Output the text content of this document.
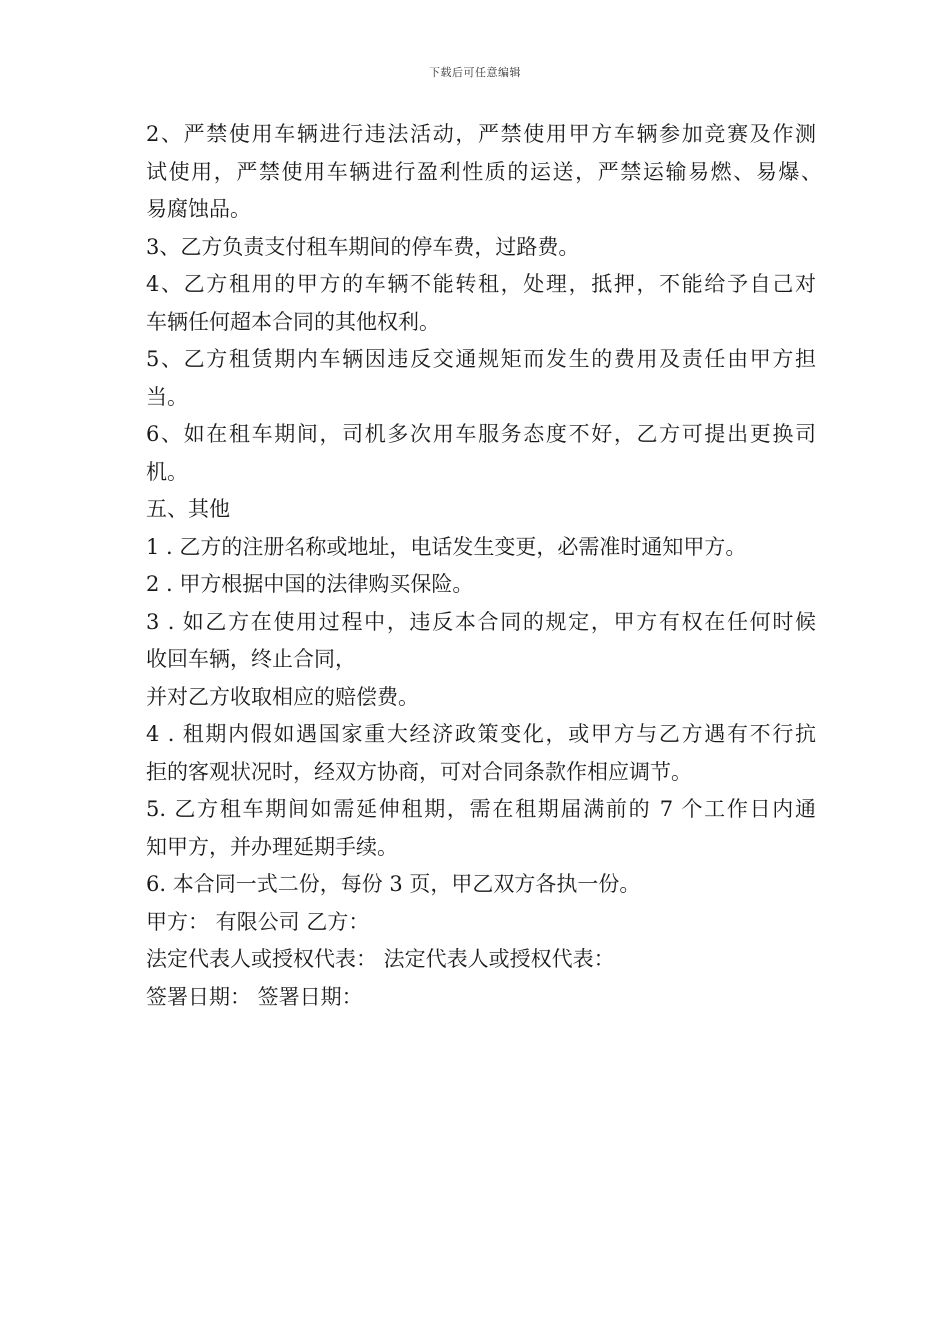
下载后可任意编辑
2、严禁使用车辆进行违法活动，严禁使用甲方车辆参加竞赛及作测
试使用，严禁使用车辆进行盈利性质的运送，严禁运输易燃、易爆、
易腐蚀品。
3、乙方负责支付租车期间的停车费，过路费。
4、乙方租用的甲方的车辆不能转租，处理，抵押，不能给予自己对
车辆任何超本合同的其他权利。
5、乙方租赁期内车辆因违反交通规矩而发生的费用及责任由甲方担
当。
6、如在租车期间，司机多次用车服务态度不好，乙方可提出更换司
机。
五、其他
1 . 乙方的注册名称或地址，电话发生变更，必需准时通知甲方。
2 . 甲方根据中国的法律购买保险。
3 . 如乙方在使用过程中，违反本合同的规定，甲方有权在任何时候
收回车辆，终止合同，
并对乙方收取相应的赔偿费。
4 . 租期内假如遇国家重大经济政策变化，或甲方与乙方遇有不行抗
拒的客观状况时，经双方协商，可对合同条款作相应调节。
5. 乙方租车期间如需延伸租期，需在租期届满前的 7 个工作日内通
知甲方，并办理延期手续。
6. 本合同一式二份，每份 3 页，甲乙双方各执一份。
甲方： 有限公司 乙方：
法定代表人或授权代表： 法定代表人或授权代表：
签署日期： 签署日期：
